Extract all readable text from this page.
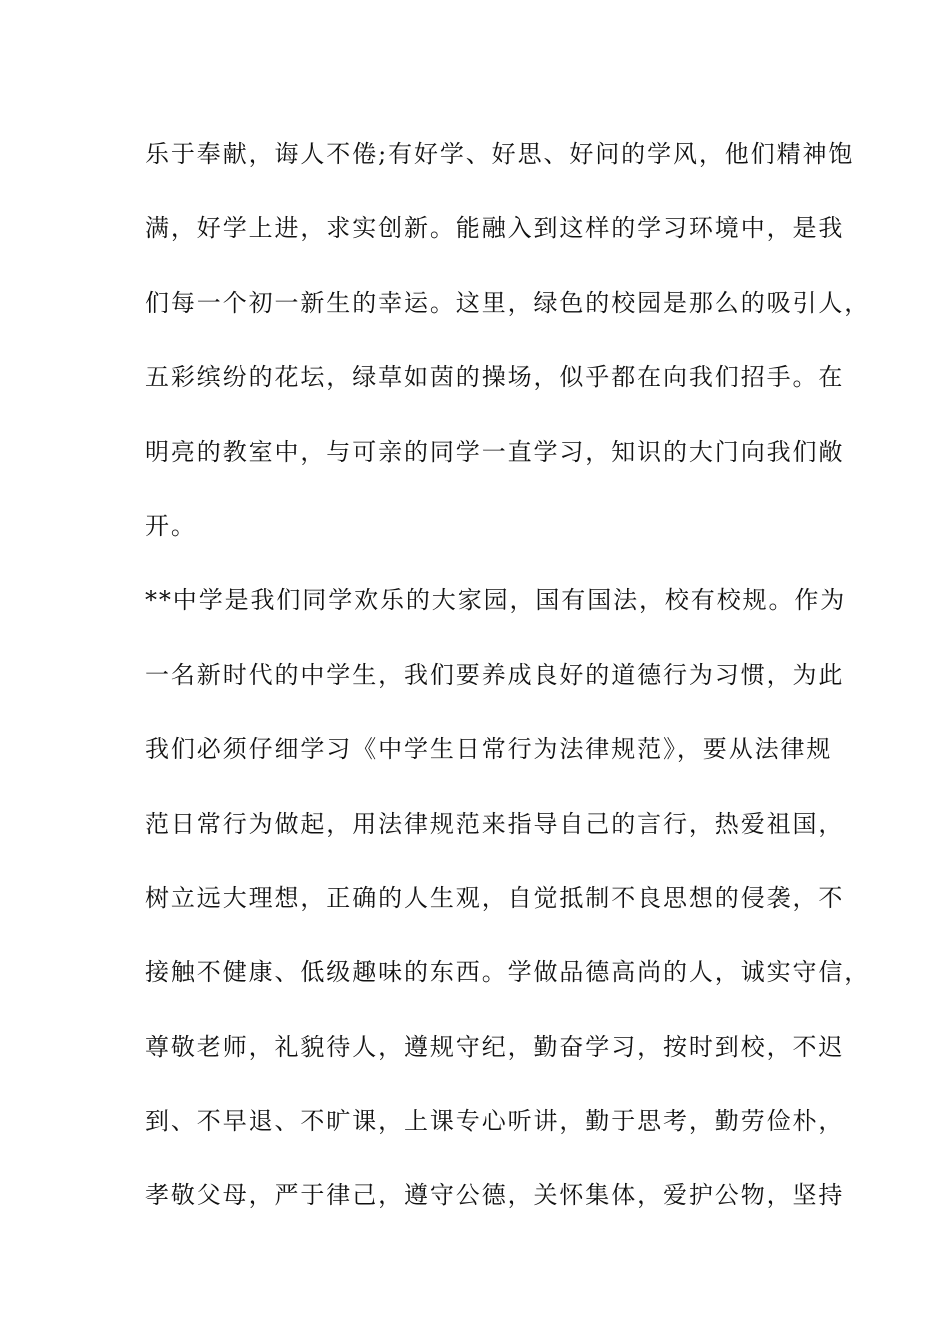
乐于奉献，诲人不倦;有好学、好思、好问的学风，他们精神饱
满，好学上进，求实创新。能融入到这样的学习环境中，是我
们每一个初一新生的幸运。这里，绿色的校园是那么的吸引人，
五彩缤纷的花坛，绿草如茵的操场，似乎都在向我们招手。在
明亮的教室中，与可亲的同学一直学习，知识的大门向我们敞
开。
**中学是我们同学欢乐的大家园，国有国法，校有校规。作为
一名新时代的中学生，我们要养成良好的道德行为习惯，为此
我们必须仔细学习《中学生日常行为法律规范》，要从法律规
范日常行为做起，用法律规范来指导自己的言行，热爱祖国，
树立远大理想，正确的人生观，自觉抵制不良思想的侵袭，不
接触不健康、低级趣味的东西。学做品德高尚的人，诚实守信，
尊敬老师，礼貌待人，遵规守纪，勤奋学习，按时到校，不迟
到、不早退、不旷课，上课专心听讲，勤于思考，勤劳俭朴，
孝敬父母，严于律己，遵守公德，关怀集体，爱护公物，坚持
